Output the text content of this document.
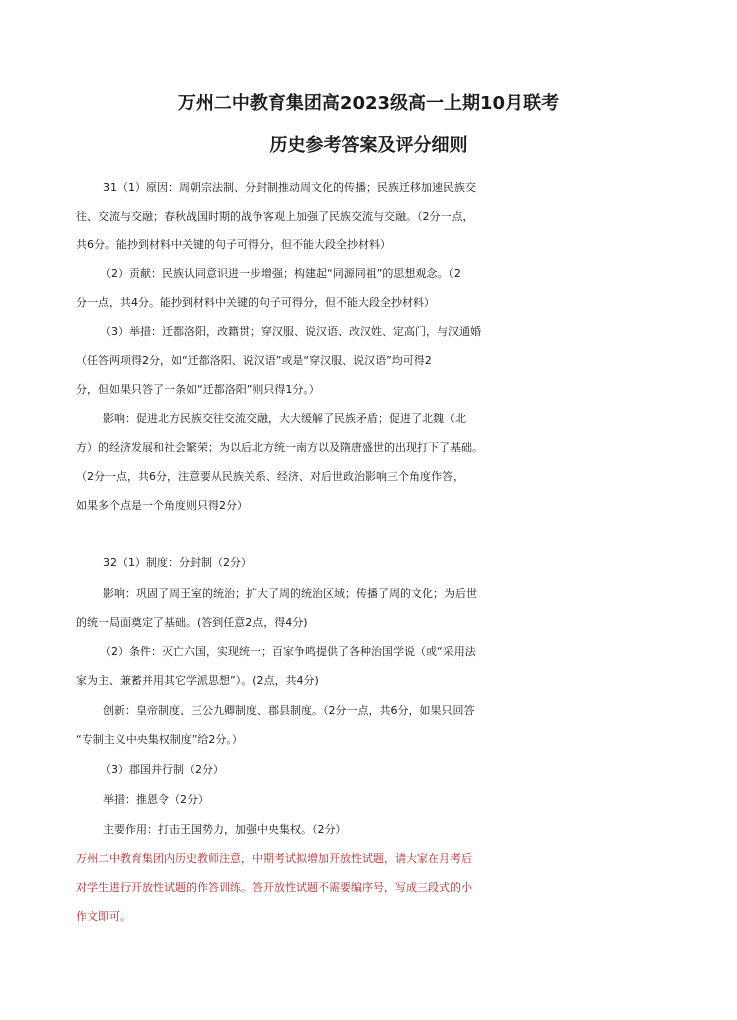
万州二中教育集团高2023级高一上期10月联考
历史参考答案及评分细则
31（1）原因：周朝宗法制、分封制推动周文化的传播；民族迁移加速民族交
往、交流与交融；春秋战国时期的战争客观上加强了民族交流与交融。（2分一点，
共6分。能抄到材料中关键的句子可得分，但不能大段全抄材料）
（2）贡献：民族认同意识进一步增强；构建起“同源同祖”的思想观念。（2
分一点，共4分。能抄到材料中关键的句子可得分，但不能大段全抄材料）
（3）举措：迁都洛阳，改籍贯；穿汉服、说汉语、改汉姓、定高门，与汉通婚
（任答两项得2分，如“迁都洛阳、说汉语”或是“穿汉服、说汉语”均可得2
分，但如果只答了一条如“迁都洛阳”则只得1分。）
影响：促进北方民族交往交流交融，大大缓解了民族矛盾；促进了北魏（北
方）的经济发展和社会繁荣；为以后北方统一南方以及隋唐盛世的出现打下了基础。
（2分一点，共6分，注意要从民族关系、经济、对后世政治影响三个角度作答，
如果多个点是一个角度则只得2分）
32（1）制度：分封制（2分）
影响：巩固了周王室的统治；扩大了周的统治区域；传播了周的文化；为后世
的统一局面奠定了基础。(答到任意2点，得4分)
（2）条件：灭亡六国，实现统一；百家争鸣提供了各种治国学说（或“采用法
家为主、兼蓄并用其它学派思想”）。(2点，共4分)
创新：皇帝制度、三公九卿制度、郡县制度。（2分一点，共6分，如果只回答
“专制主义中央集权制度”给2分。）
（3）郡国并行制（2分）
举措：推恩令（2分）
主要作用：打击王国势力，加强中央集权。（2分）
万州二中教育集团内历史教师注意，中期考试拟增加开放性试题，请大家在月考后
对学生进行开放性试题的作答训练。答开放性试题不需要编序号，写成三段式的小
作文即可。
